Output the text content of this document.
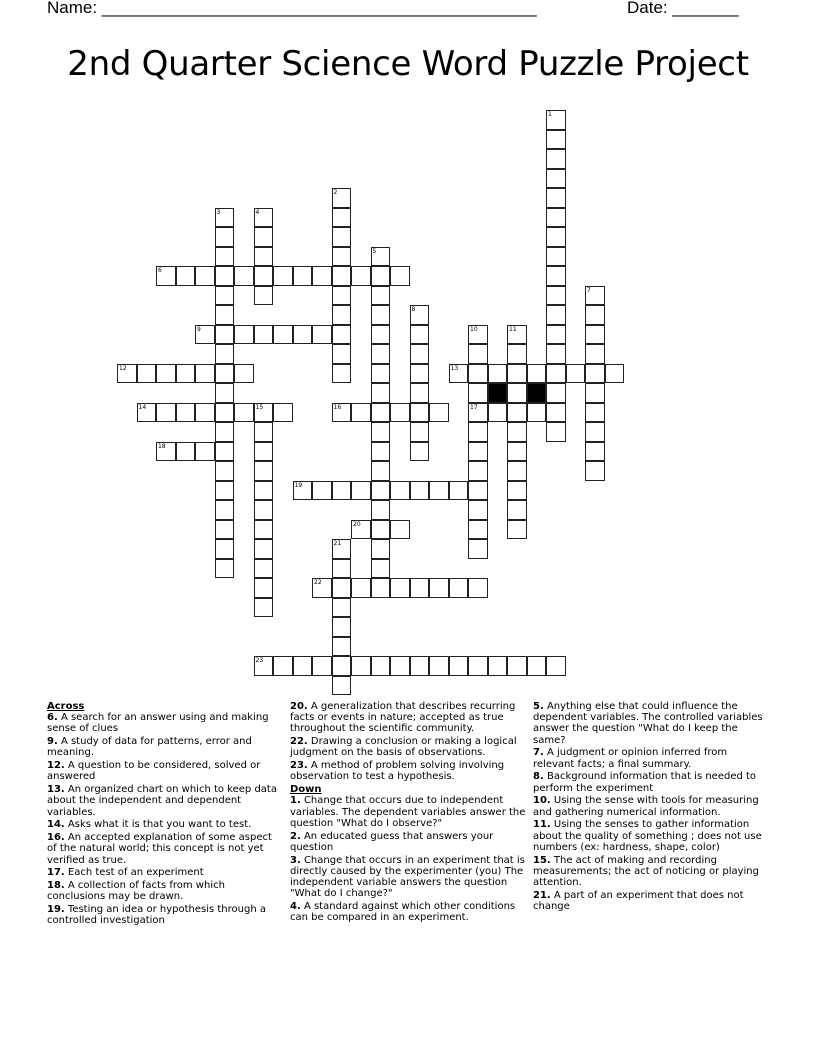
Name: ______________________________________________	Date: _______
2nd Quarter Science Word Puzzle Project
1
2
3	4
5
6
7
8
9	10
17
11
12	13
14	15	16
18
19
20
21
22
23
Across
6. A search for an answer using and making sense of clues
9. A study of data for patterns, error and meaning.
12. A question to be considered, solved or answered
13. An organized chart on which to keep data about the independent and dependent variables.
14. Asks what it is that you want to test.
16. An accepted explanation of some aspect of the natural world; this concept is not yet verified as true.
17. Each test of an experiment
18. A collection of facts from which conclusions may be drawn.
19. Testing an idea or hypothesis through a controlled investigation
20. A generalization that describes recurring facts or events in nature; accepted as true throughout the scientific community.
22. Drawing a conclusion or making a logical judgment on the basis of observations.
23. A method of problem solving involving observation to test a hypothesis.
Down
1. Change that occurs due to independent variables. The dependent variables answer the question "What do I observe?"
2. An educated guess that answers your question
3. Change that occurs in an experiment that is directly caused by the experimenter (you) The independent variable answers the question "What do I change?"
4. A standard against which other conditions can be compared in an experiment.
5. Anything else that could influence the dependent variables. The controlled variables answer the question "What do I keep the same?
7. A judgment or opinion inferred from relevant facts; a final summary.
8. Background information that is needed to perform the experiment
10. Using the sense with tools for measuring and gathering numerical information.
11. Using the senses to gather information about the quality of something ; does not use numbers (ex: hardness, shape, color)
15. The act of making and recording measurements; the act of noticing or playing attention.
21. A part of an experiment that does not change
